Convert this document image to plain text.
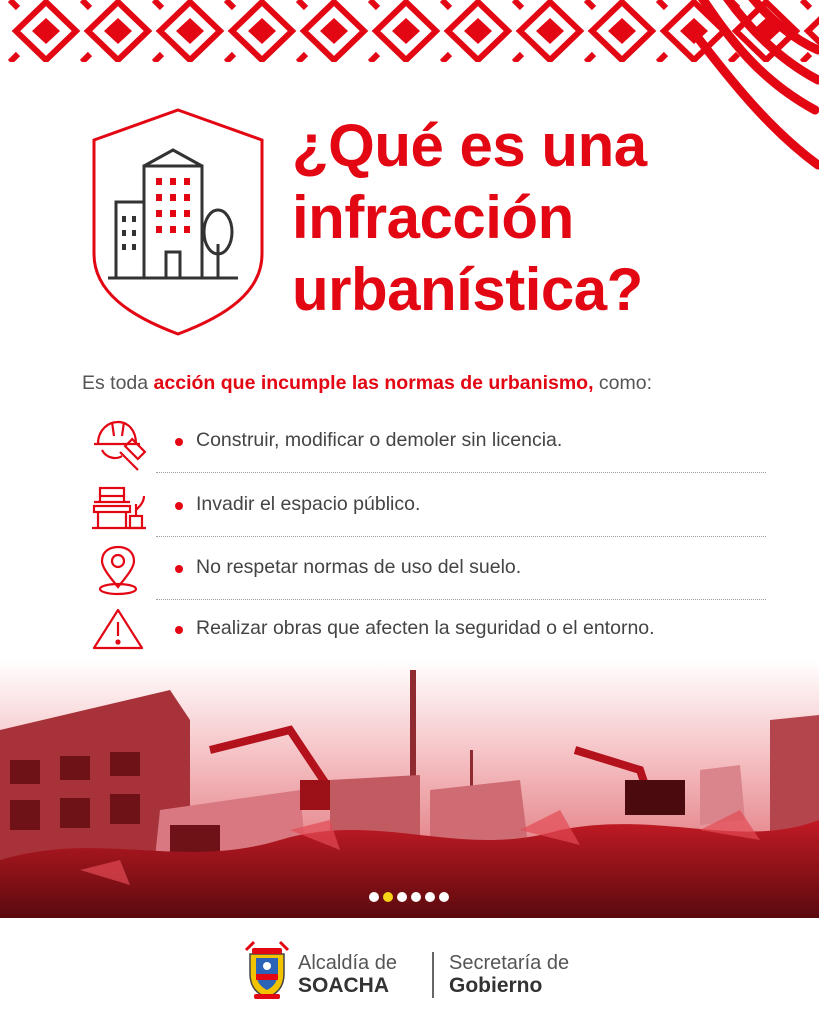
¿Qué es una
infracción
urbanística?
Es toda acción que incumple las normas de urbanismo, como:
Construir, modificar o demoler sin licencia.
Invadir el espacio público.
No respetar normas de uso del suelo.
Realizar obras que afecten la seguridad o el entorno.
Alcaldía de
SOACHA
Secretaría de
Gobierno
